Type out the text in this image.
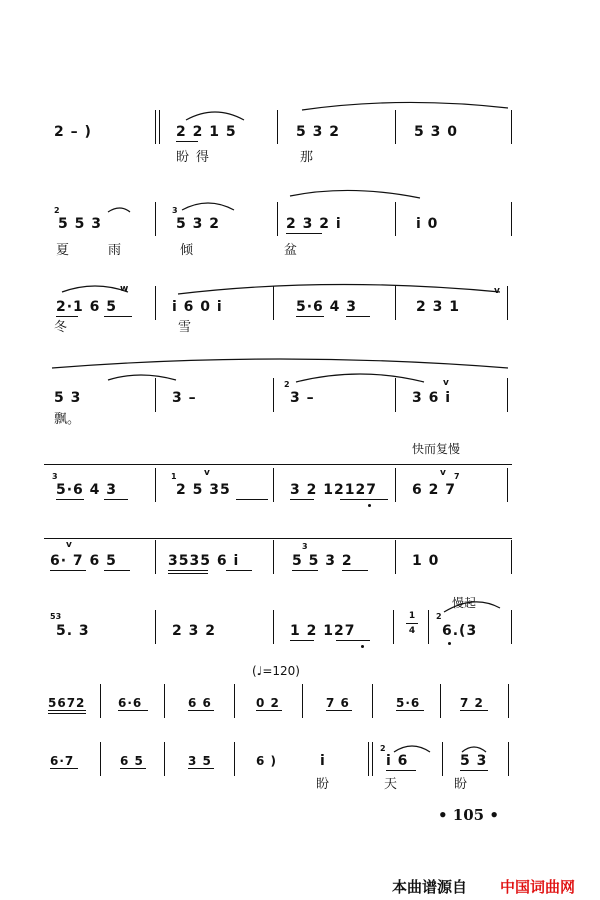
2 – )	2 2 1 5	5 3 2	5 3 0
盼 得	那
2
5 5 3
3
5 3 2	2 3 2 i	i 0
夏	雨	倾	盆
2·1 6 5
w
i 6 0 i	5·6 4 3	2 3 1
v
冬	雪
5 3	3 –
2
3 –	3 6 i
v
飘。
快而复慢
3
5·6 4 3
1
2 5 35
v
3 2 12127
7
6 2 7
v
v
6· 7 6 5	3535 6 i
3
5 5 3 2	1 0
53
5. 3	2 3 2	1 2 127
1
4
2
6.(3
慢起
(♩=120)
5672	6·6	6 6	0 2	7 6	5·6	7 2
6·7	6 5	3 5	6 )	i
2
i 6	5 3
盼	天	盼
• 105 •
本曲谱源自 中国词曲网
